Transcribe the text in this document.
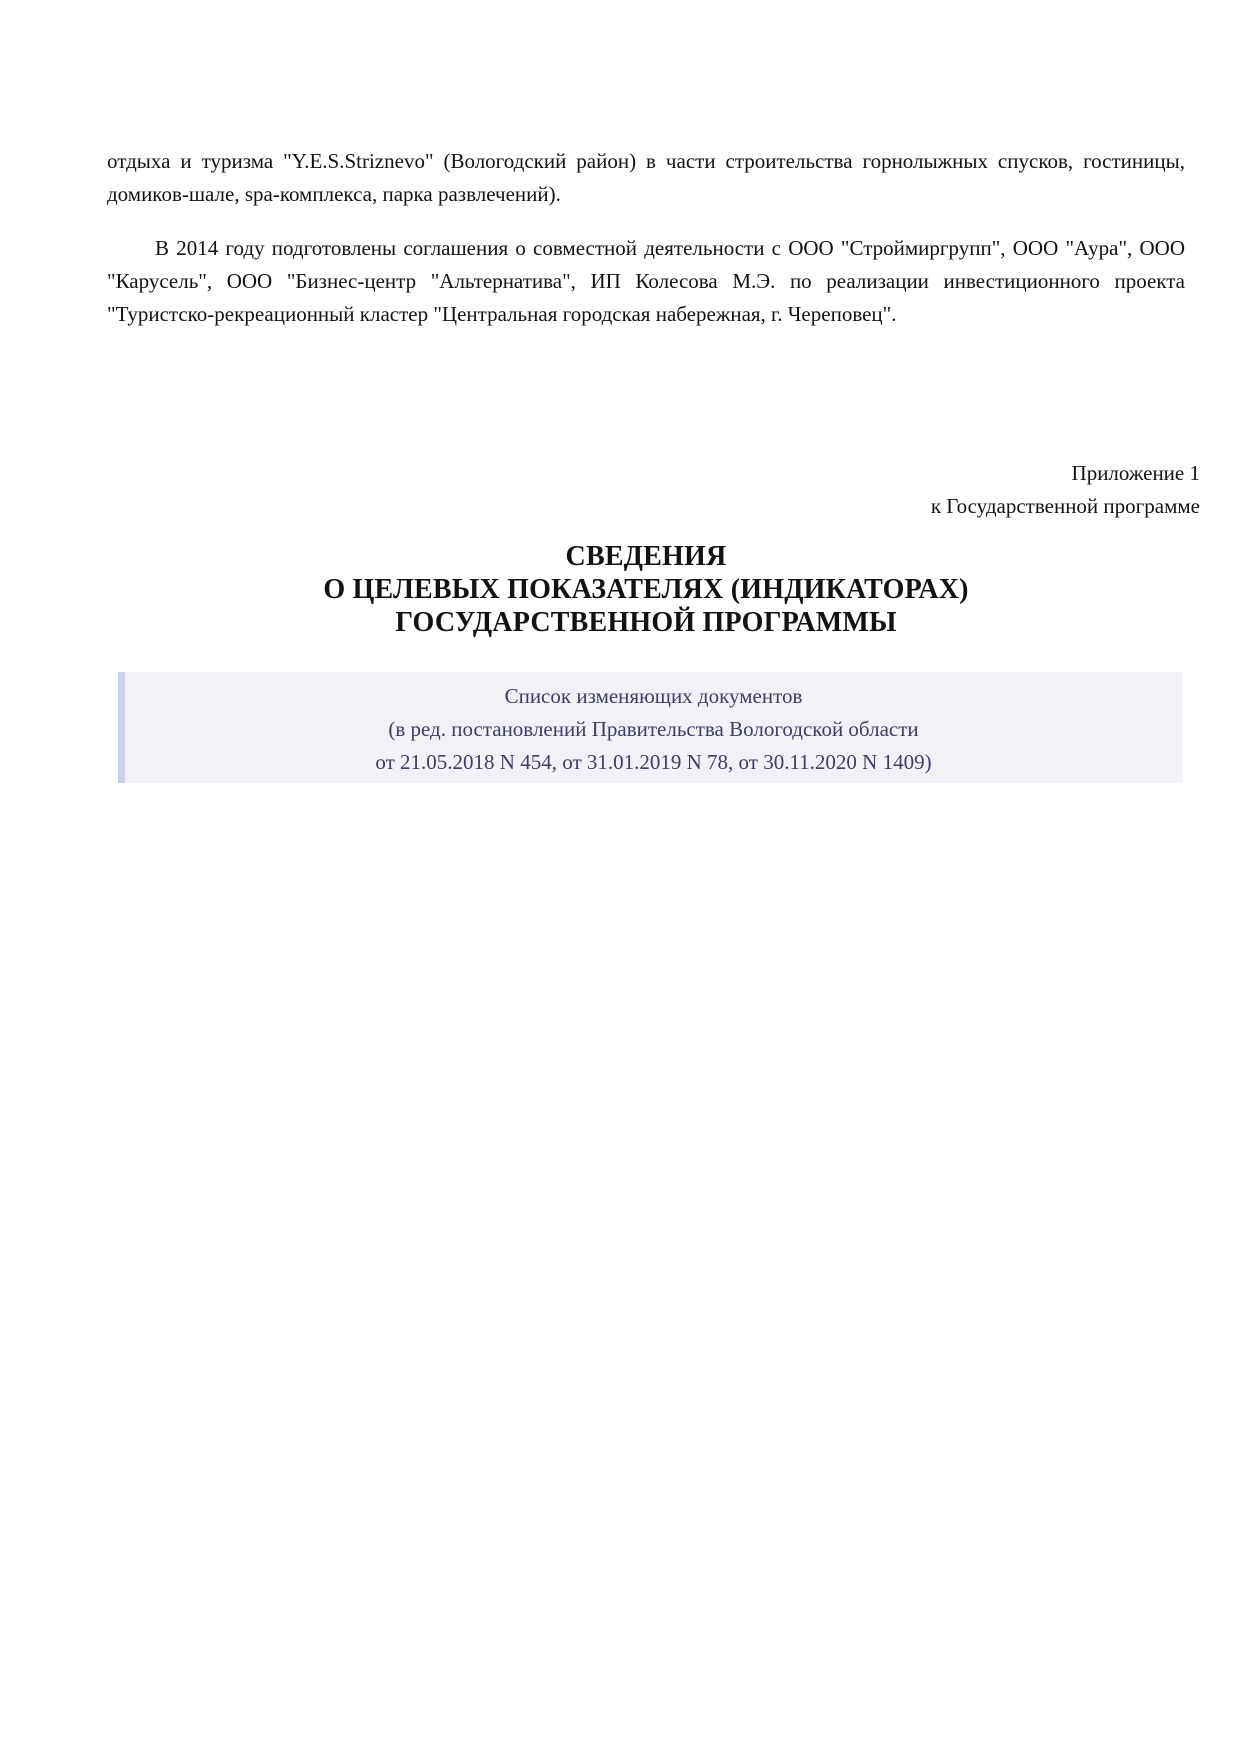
отдыха и туризма "Y.E.S.Striznevo" (Вологодский район) в части строительства горнолыжных спусков, гостиницы, домиков-шале, spa-комплекса, парка развлечений).

В 2014 году подготовлены соглашения о совместной деятельности с ООО "Строймиргрупп", ООО "Аура", ООО "Карусель", ООО "Бизнес-центр "Альтернатива", ИП Колесова М.Э. по реализации инвестиционного проекта "Туристско-рекреационный кластер "Центральная городская набережная, г. Череповец".

Приложение 1
к Государственной программе
СВЕДЕНИЯ
О ЦЕЛЕВЫХ ПОКАЗАТЕЛЯХ (ИНДИКАТОРАХ)
ГОСУДАРСТВЕННОЙ ПРОГРАММЫ
Список изменяющих документов
(в ред. постановлений Правительства Вологодской области
от 21.05.2018 N 454, от 31.01.2019 N 78, от 30.11.2020 N 1409)
